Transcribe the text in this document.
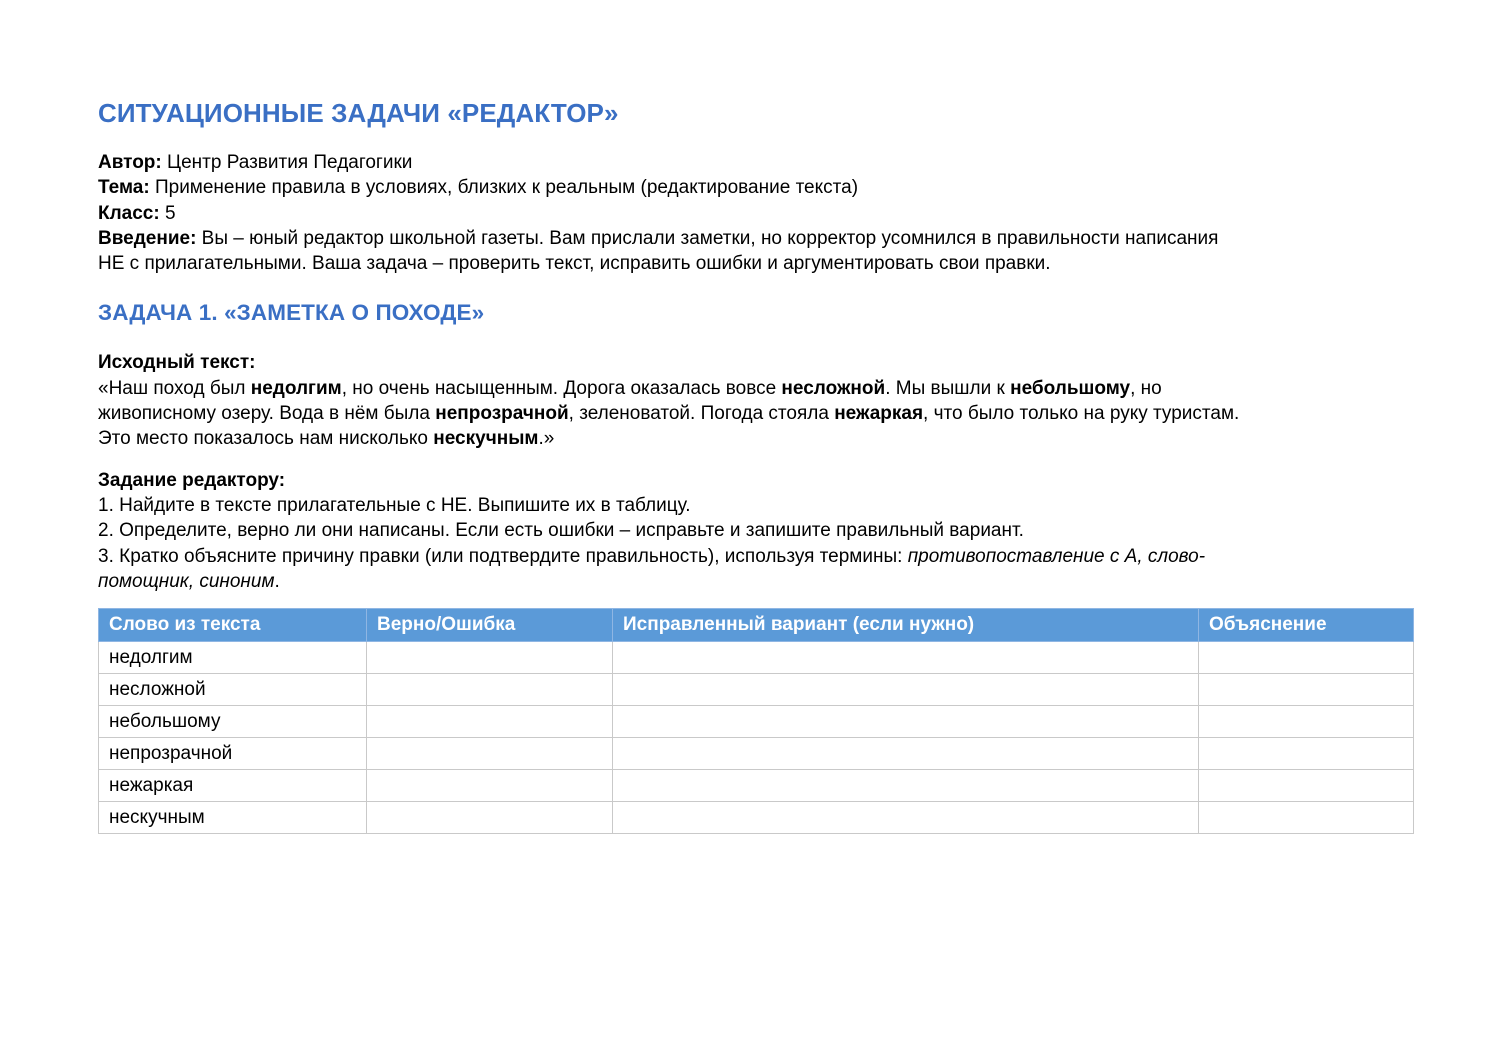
СИТУАЦИОННЫЕ ЗАДАЧИ «РЕДАКТОР»

Автор: Центр Развития Педагогики

Тема: Применение правила в условиях, близких к реальным (редактирование текста)

Класс: 5

Введение: Вы – юный редактор школьной газеты. Вам прислали заметки, но корректор усомнился в правильности написания

НЕ с прилагательными. Ваша задача – проверить текст, исправить ошибки и аргументировать свои правки.

ЗАДАЧА 1. «ЗАМЕТКА О ПОХОДЕ»

Исходный текст:

«Наш поход был недолгим, но очень насыщенным. Дорога оказалась вовсе несложной. Мы вышли к небольшому, но

живописному озеру. Вода в нём была непрозрачной, зеленоватой. Погода стояла нежаркая, что было только на руку туристам.

Это место показалось нам нисколько нескучным.»

Задание редактору:

1. Найдите в тексте прилагательные с НЕ. Выпишите их в таблицу.

2. Определите, верно ли они написаны. Если есть ошибки – исправьте и запишите правильный вариант.

3. Кратко объясните причину правки (или подтвердите правильность), используя термины: противопоставление с А, слово-

помощник, синоним.

Слово из текста	Верно/Ошибка	Исправленный вариант (если нужно)	Объяснение
недолгим			
несложной			
небольшому			
непрозрачной			
нежаркая			
нескучным			
